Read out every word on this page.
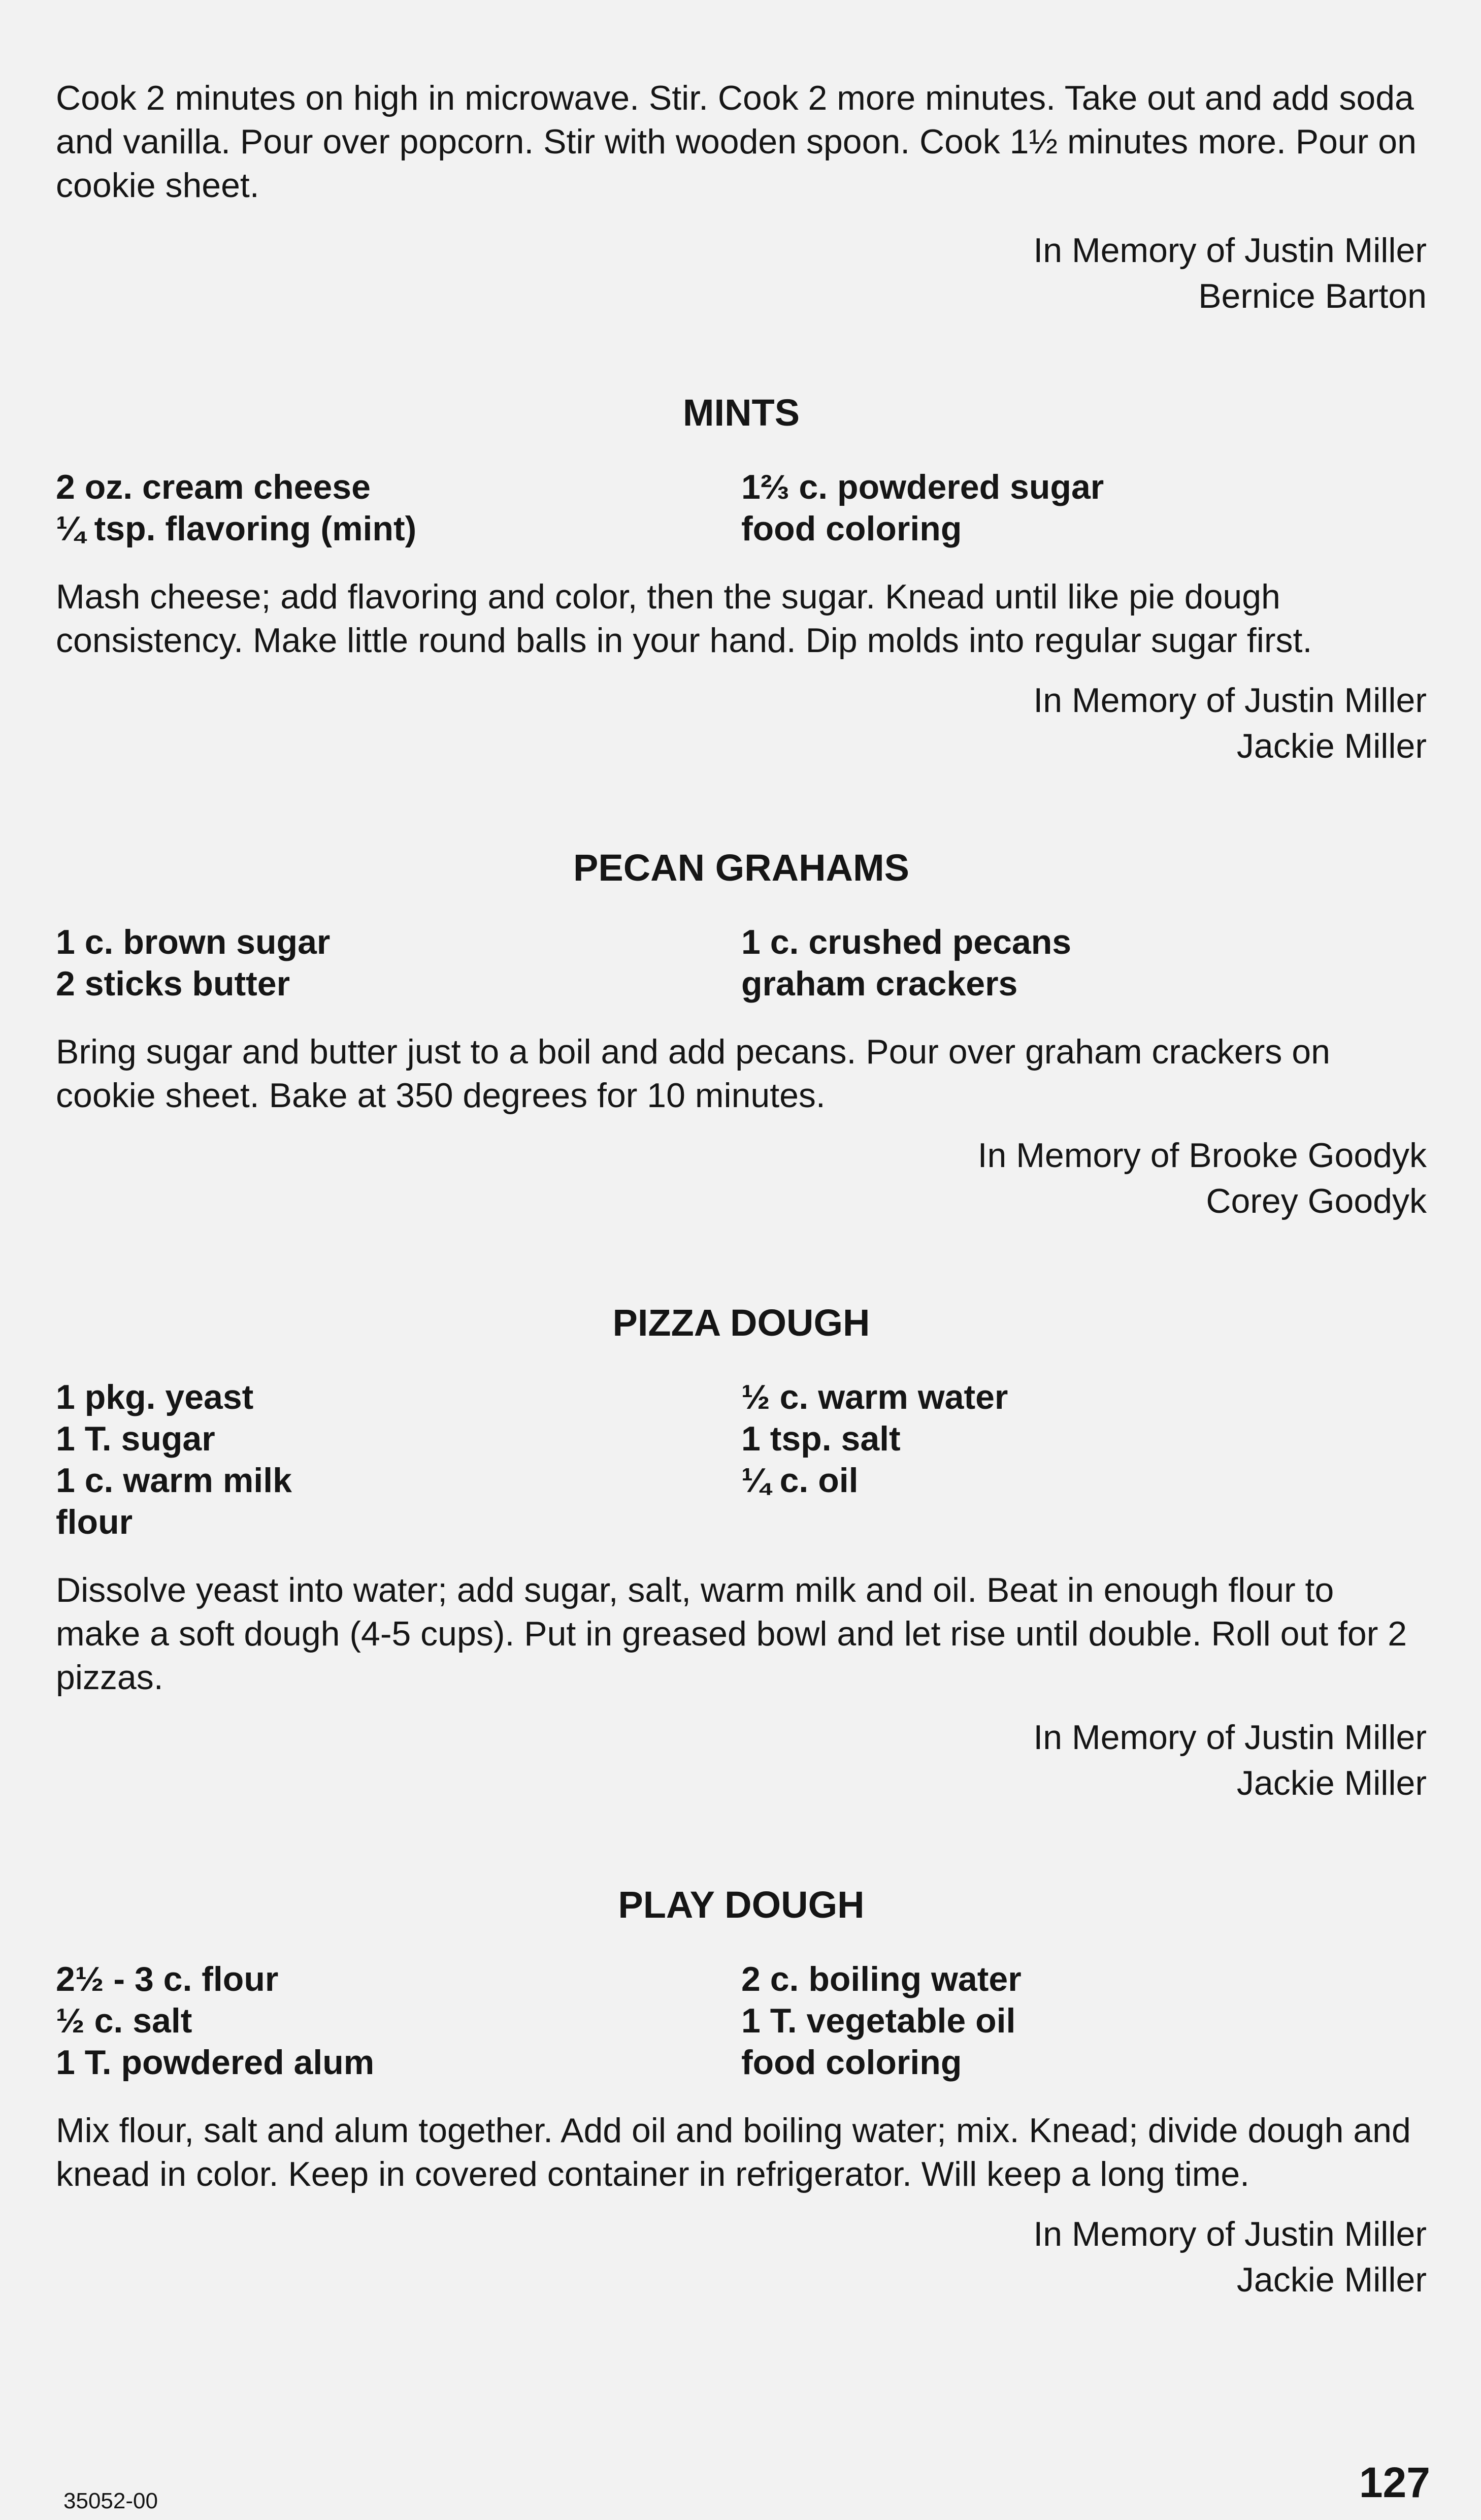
Cook 2 minutes on high in microwave. Stir. Cook 2 more minutes. Take out and add soda and vanilla. Pour over popcorn. Stir with wooden spoon. Cook 1½ minutes more. Pour on cookie sheet.

In Memory of Justin Miller
Bernice Barton
MINTS
2 oz. cream cheese
¼ tsp. flavoring (mint)
1⅔ c. powdered sugar
food coloring

Mash cheese; add flavoring and color, then the sugar. Knead until like pie dough consistency. Make little round balls in your hand. Dip molds into regular sugar first.

In Memory of Justin Miller
Jackie Miller
PECAN GRAHAMS
1 c. brown sugar
2 sticks butter
1 c. crushed pecans
graham crackers

Bring sugar and butter just to a boil and add pecans. Pour over graham crackers on cookie sheet. Bake at 350 degrees for 10 minutes.

In Memory of Brooke Goodyk
Corey Goodyk
PIZZA DOUGH
1 pkg. yeast
1 T. sugar
1 c. warm milk
flour
½ c. warm water
1 tsp. salt
¼ c. oil

Dissolve yeast into water; add sugar, salt, warm milk and oil. Beat in enough flour to make a soft dough (4-5 cups). Put in greased bowl and let rise until double. Roll out for 2 pizzas.

In Memory of Justin Miller
Jackie Miller
PLAY DOUGH
2½ - 3 c. flour
½ c. salt
1 T. powdered alum
2 c. boiling water
1 T. vegetable oil
food coloring

Mix flour, salt and alum together. Add oil and boiling water; mix. Knead; divide dough and knead in color. Keep in covered container in refrigerator. Will keep a long time.

In Memory of Justin Miller
Jackie Miller
35052-00	127
